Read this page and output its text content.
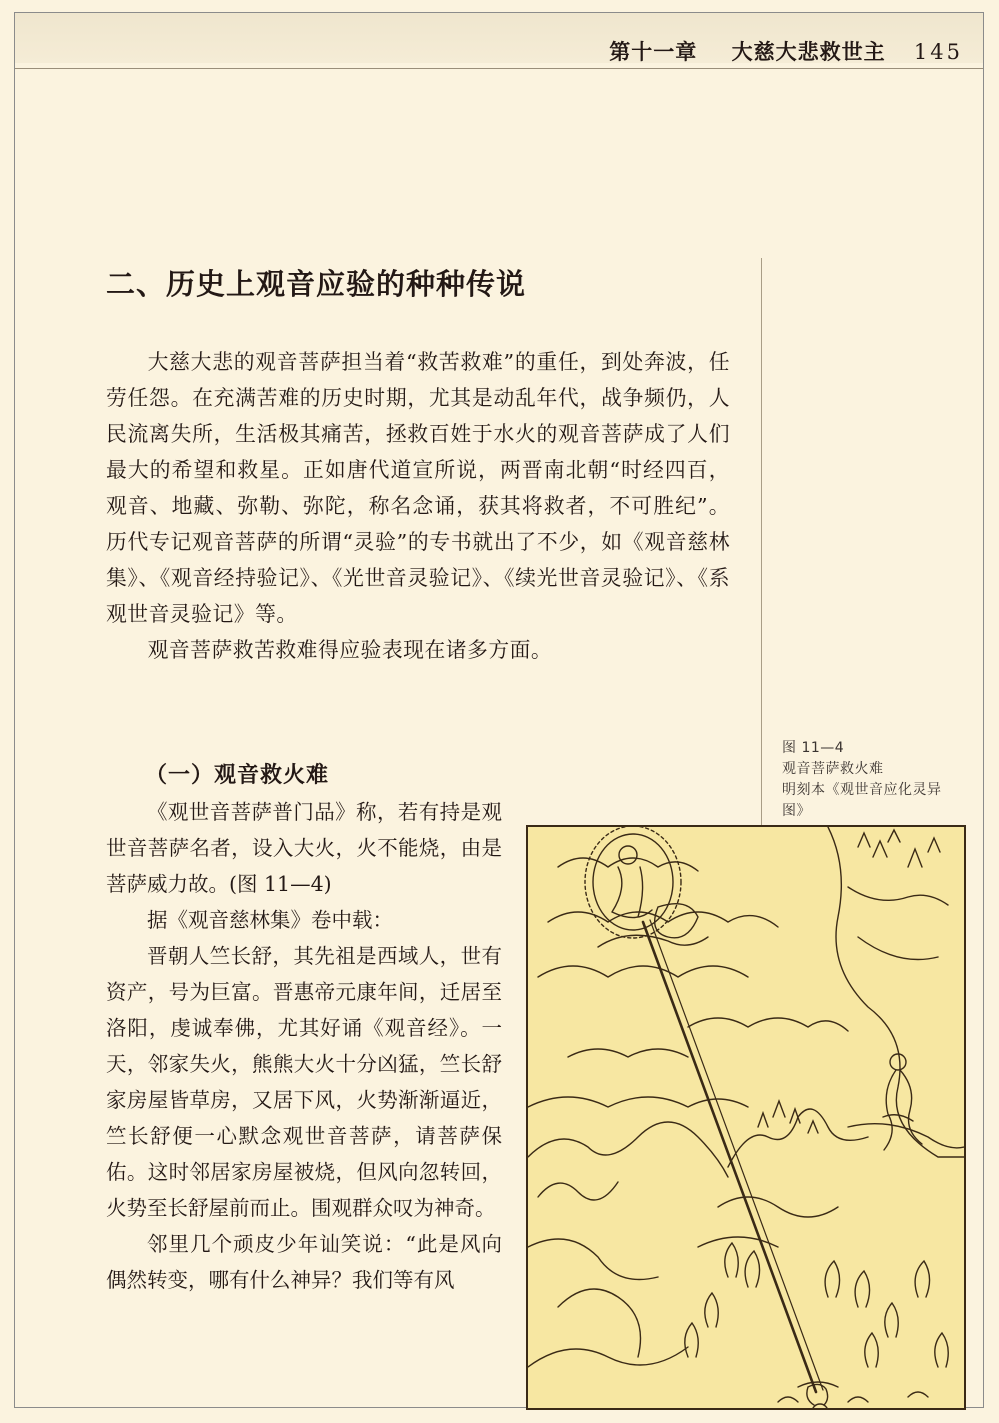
第十一章 大慈大悲救世主 145
二、历史上观音应验的种种传说

大慈大悲的观音菩萨担当着“救苦救难”的重任，到处奔波，任劳任怨。在充满苦难的历史时期，尤其是动乱年代，战争频仍，人民流离失所，生活极其痛苦，拯救百姓于水火的观音菩萨成了人们最大的希望和救星。正如唐代道宣所说，两晋南北朝“时经四百，观音、地藏、弥勒、弥陀，称名念诵，获其将救者，不可胜纪”。历代专记观音菩萨的所谓“灵验”的专书就出了不少，如《观音慈林集》、《观音经持验记》、《光世音灵验记》、《续光世音灵验记》、《系观世音灵验记》等。

观音菩萨救苦救难得应验表现在诸多方面。

图 11—4
观音菩萨救火难
明刻本《观世音应化灵异
图》
（一）观音救火难

《观世音菩萨普门品》称，若有持是观世音菩萨名者，设入大火，火不能烧，由是菩萨威力故。(图 11—4)

据《观音慈林集》卷中载：

晋朝人竺长舒，其先祖是西域人，世有资产，号为巨富。晋惠帝元康年间，迁居至洛阳，虔诚奉佛，尤其好诵《观音经》。一天，邻家失火，熊熊大火十分凶猛，竺长舒家房屋皆草房，又居下风，火势渐渐逼近，竺长舒便一心默念观世音菩萨，请菩萨保佑。这时邻居家房屋被烧，但风向忽转回，火势至长舒屋前而止。围观群众叹为神奇。

邻里几个顽皮少年讪笑说：“此是风向偶然转变，哪有什么神异？我们等有风
